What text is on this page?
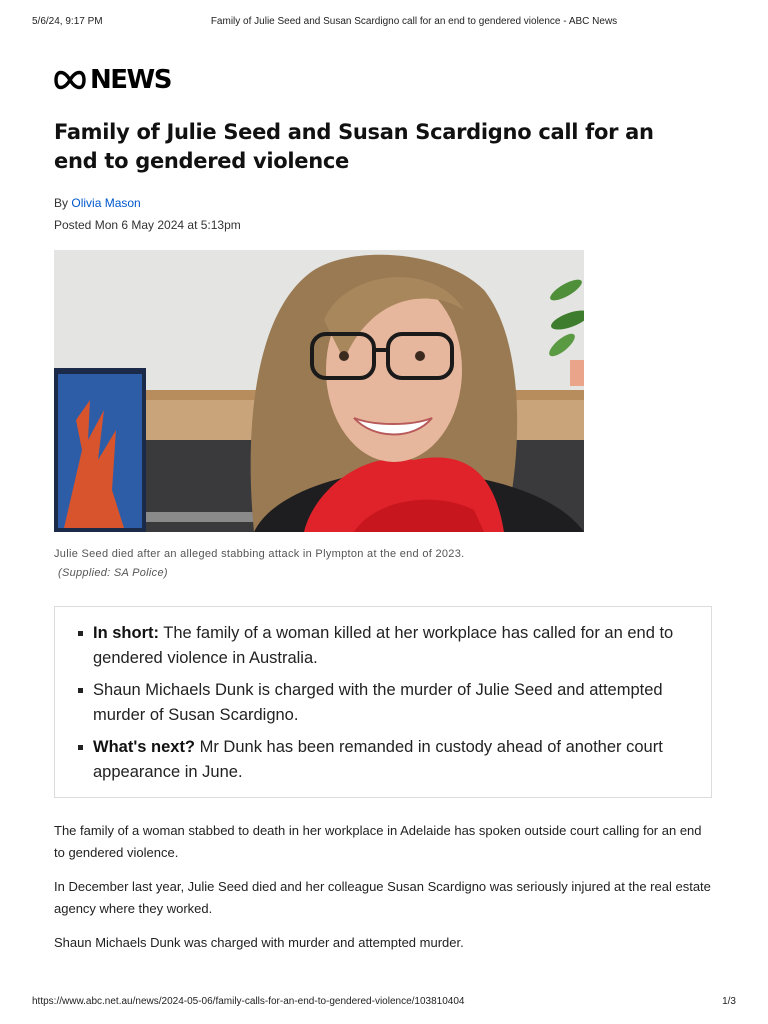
5/6/24, 9:17 PM	Family of Julie Seed and Susan Scardigno call for an end to gendered violence - ABC News
NEWS
Family of Julie Seed and Susan Scardigno call for an end to gendered violence
By Olivia Mason
Posted Mon 6 May 2024 at 5:13pm
Julie Seed died after an alleged stabbing attack in Plympton at the end of 2023.(Supplied: SA Police)
In short: The family of a woman killed at her workplace has called for an end to gendered violence in Australia.
Shaun Michaels Dunk is charged with the murder of Julie Seed and attempted murder of Susan Scardigno.
What's next? Mr Dunk has been remanded in custody ahead of another court appearance in June.

The family of a woman stabbed to death in her workplace in Adelaide has spoken outside court calling for an end to gendered violence.

In December last year, Julie Seed died and her colleague Susan Scardigno was seriously injured at the real estate agency where they worked.

Shaun Michaels Dunk was charged with murder and attempted murder.

https://www.abc.net.au/news/2024-05-06/family-calls-for-an-end-to-gendered-violence/103810404	1/3
